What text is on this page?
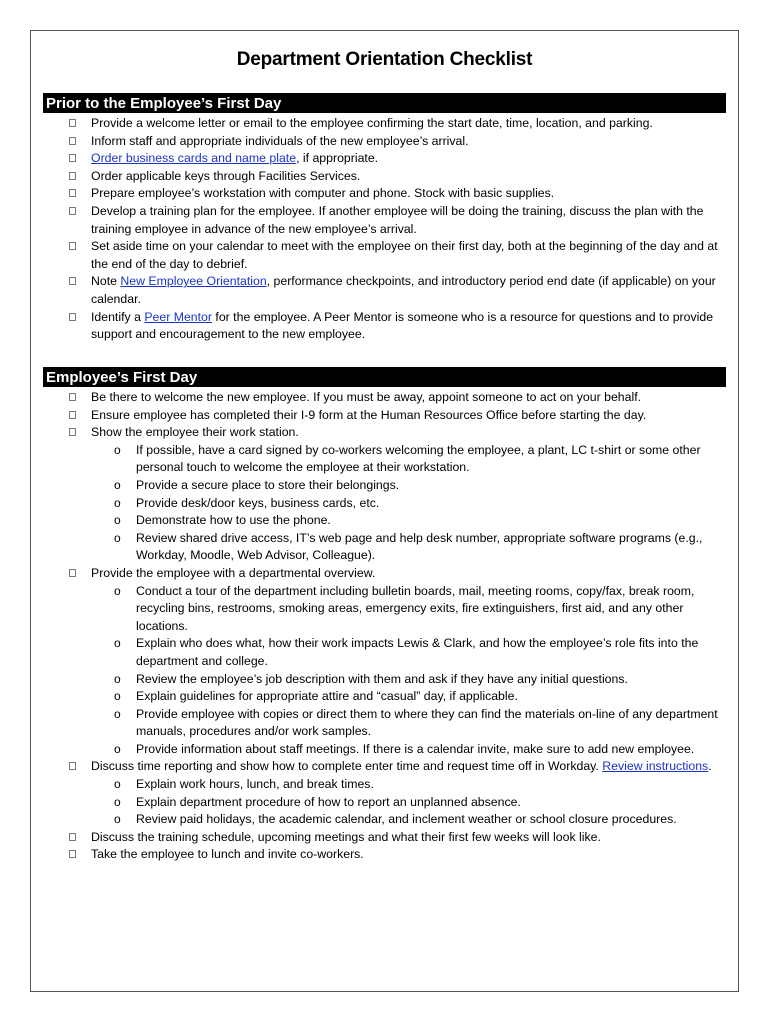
Department Orientation Checklist
Prior to the Employee’s First Day
Provide a welcome letter or email to the employee confirming the start date, time, location, and parking.
Inform staff and appropriate individuals of the new employee’s arrival.
Order business cards and name plate, if appropriate.
Order applicable keys through Facilities Services.
Prepare employee’s workstation with computer and phone. Stock with basic supplies.
Develop a training plan for the employee. If another employee will be doing the training, discuss the plan with the training employee in advance of the new employee’s arrival.
Set aside time on your calendar to meet with the employee on their first day, both at the beginning of the day and at the end of the day to debrief.
Note New Employee Orientation, performance checkpoints, and introductory period end date (if applicable) on your calendar.
Identify a Peer Mentor for the employee. A Peer Mentor is someone who is a resource for questions and to provide support and encouragement to the new employee.
Employee’s First Day
Be there to welcome the new employee. If you must be away, appoint someone to act on your behalf.
Ensure employee has completed their I-9 form at the Human Resources Office before starting the day.
Show the employee their work station.
o If possible, have a card signed by co-workers welcoming the employee, a plant, LC t-shirt or some other personal touch to welcome the employee at their workstation.
o Provide a secure place to store their belongings.
o Provide desk/door keys, business cards, etc.
o Demonstrate how to use the phone.
o Review shared drive access, IT’s web page and help desk number, appropriate software programs (e.g., Workday, Moodle, Web Advisor, Colleague).
Provide the employee with a departmental overview.
o Conduct a tour of the department including bulletin boards, mail, meeting rooms, copy/fax, break room, recycling bins, restrooms, smoking areas, emergency exits, fire extinguishers, first aid, and any other locations.
o Explain who does what, how their work impacts Lewis & Clark, and how the employee’s role fits into the department and college.
o Review the employee’s job description with them and ask if they have any initial questions.
o Explain guidelines for appropriate attire and “casual” day, if applicable.
o Provide employee with copies or direct them to where they can find the materials on-line of any department manuals, procedures and/or work samples.
o Provide information about staff meetings. If there is a calendar invite, make sure to add new employee.
Discuss time reporting and show how to complete enter time and request time off in Workday. Review instructions.
o Explain work hours, lunch, and break times.
o Explain department procedure of how to report an unplanned absence.
o Review paid holidays, the academic calendar, and inclement weather or school closure procedures.
Discuss the training schedule, upcoming meetings and what their first few weeks will look like.
Take the employee to lunch and invite co-workers.
